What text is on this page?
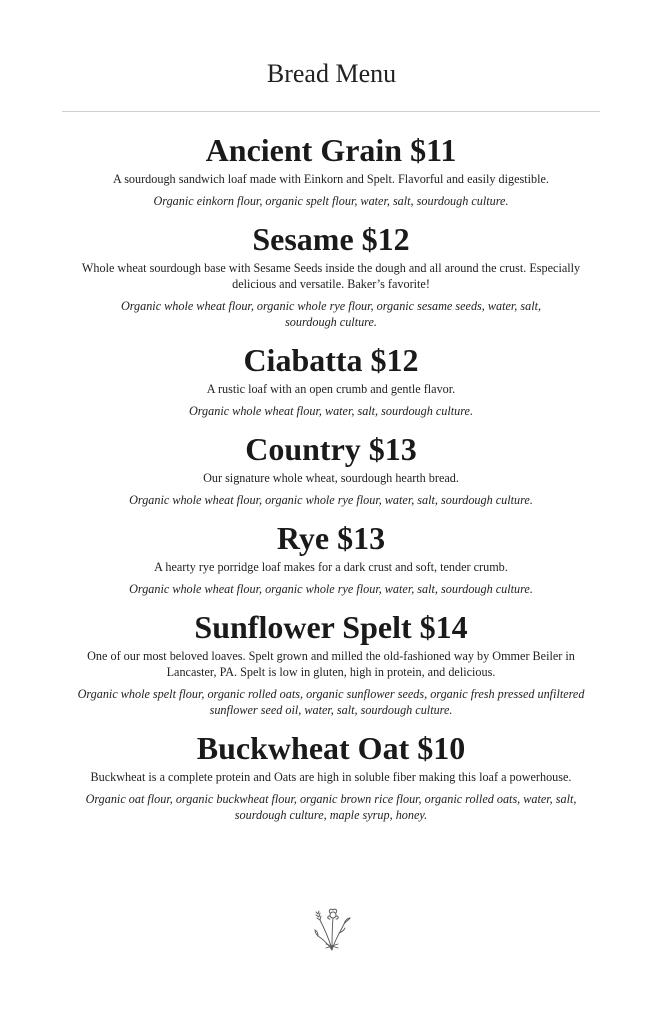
Bread Menu
Ancient Grain $11

A sourdough sandwich loaf made with Einkorn and Spelt. Flavorful and easily digestible.

Organic einkorn flour, organic spelt flour, water, salt, sourdough culture.

Sesame $12

Whole wheat sourdough base with Sesame Seeds inside the dough and all around the crust. Especially delicious and versatile. Baker’s favorite!

Organic whole wheat flour, organic whole rye flour, organic sesame seeds, water, salt, sourdough culture.

Ciabatta $12

A rustic loaf with an open crumb and gentle flavor.

Organic whole wheat flour, water, salt, sourdough culture.

Country $13

Our signature whole wheat, sourdough hearth bread.

Organic whole wheat flour, organic whole rye flour, water, salt, sourdough culture.

Rye $13

A hearty rye porridge loaf makes for a dark crust and soft, tender crumb.

Organic whole wheat flour, organic whole rye flour, water, salt, sourdough culture.

Sunflower Spelt $14

One of our most beloved loaves. Spelt grown and milled the old-fashioned way by Ommer Beiler in Lancaster, PA. Spelt is low in gluten, high in protein, and delicious.

Organic whole spelt flour, organic rolled oats, organic sunflower seeds, organic fresh pressed unfiltered sunflower seed oil, water, salt, sourdough culture.

Buckwheat Oat $10

Buckwheat is a complete protein and Oats are high in soluble fiber making this loaf a powerhouse.

Organic oat flour, organic buckwheat flour, organic brown rice flour, organic rolled oats, water, salt, sourdough culture, maple syrup, honey.
